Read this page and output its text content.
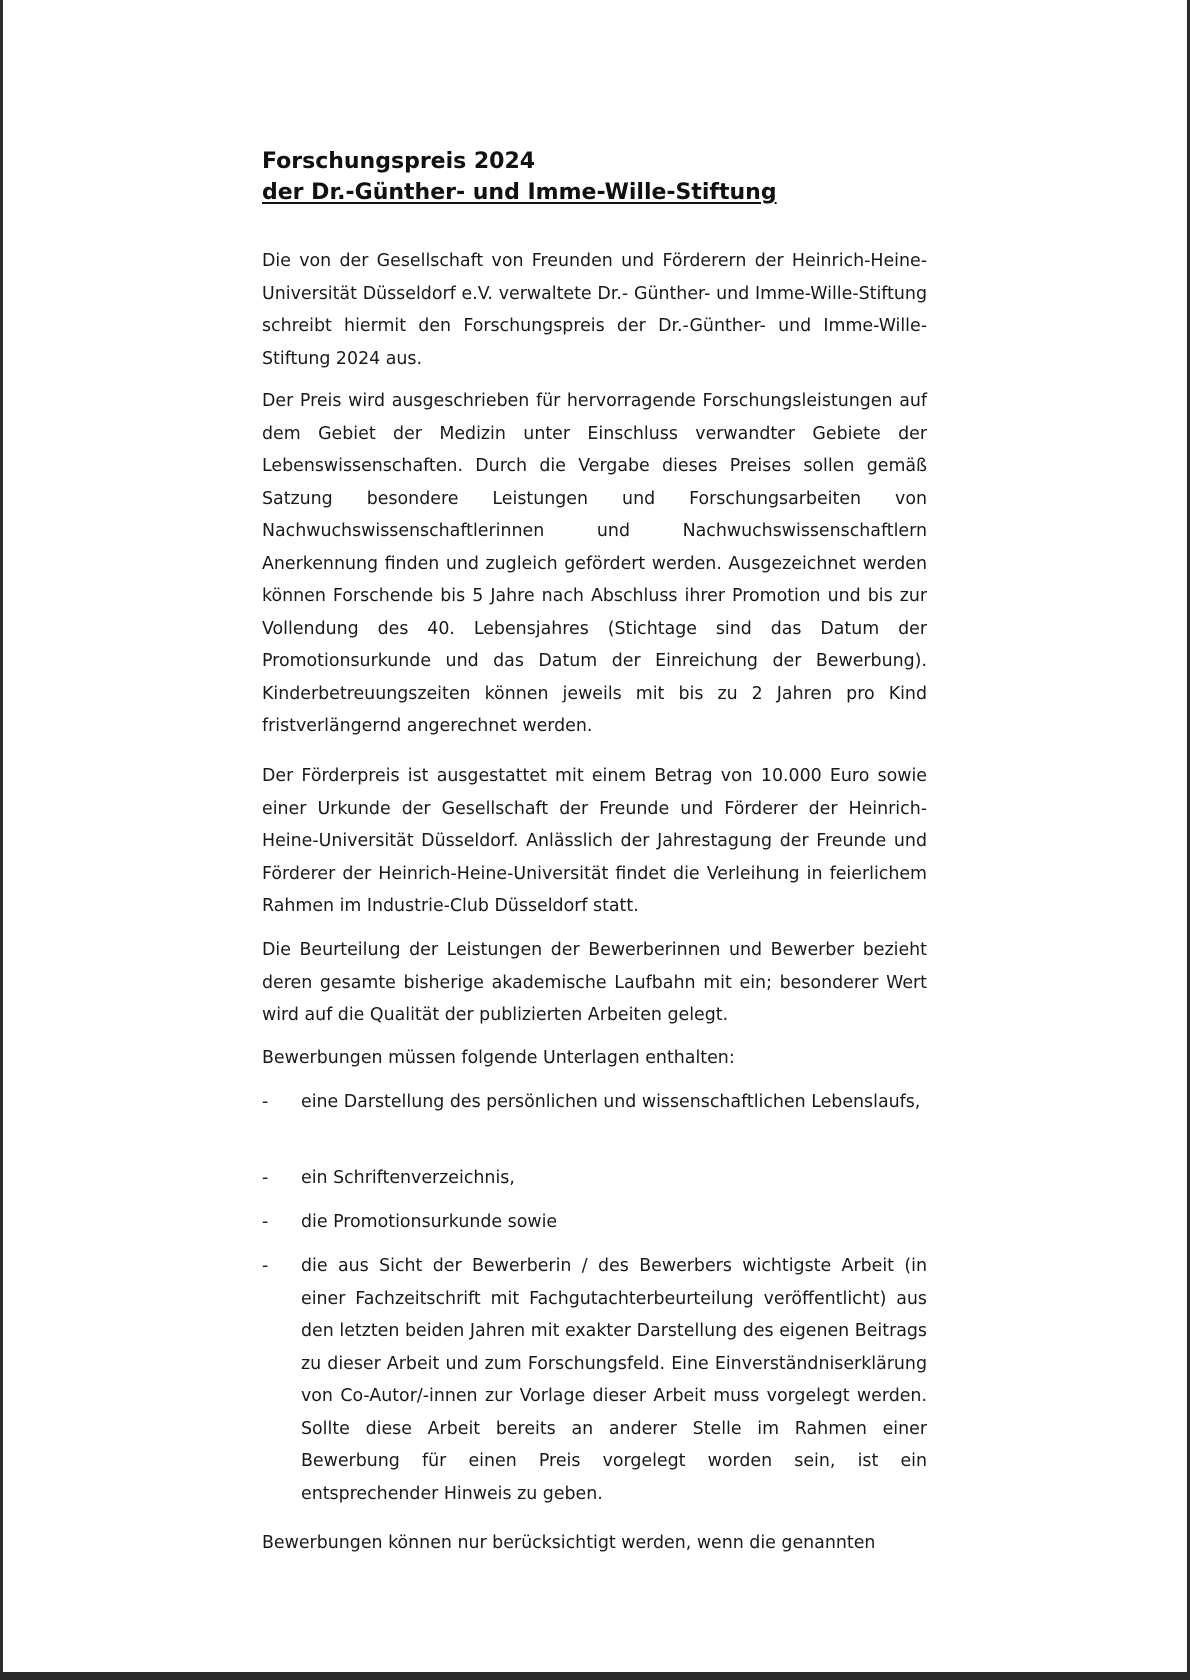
Forschungspreis 2024
der Dr.-Günther- und Imme-Wille-Stiftung

Die von der Gesellschaft von Freunden und Förderern der Heinrich-Heine-Universität Düsseldorf e.V. verwaltete Dr.- Günther- und Imme-Wille-Stiftung schreibt hiermit den Forschungspreis der Dr.-Günther- und Imme-Wille-Stiftung 2024 aus.

Der Preis wird ausgeschrieben für hervorragende Forschungsleistungen auf dem Gebiet der Medizin unter Einschluss verwandter Gebiete der Lebenswissenschaften. Durch die Vergabe dieses Preises sollen gemäß Satzung besondere Leistungen und Forschungsarbeiten von Nachwuchswissenschaftlerinnen und Nachwuchswissenschaftlern Anerkennung finden und zugleich gefördert werden. Ausgezeichnet werden können Forschende bis 5 Jahre nach Abschluss ihrer Promotion und bis zur Vollendung des 40. Lebensjahres (Stichtage sind das Datum der Promotionsurkunde und das Datum der Einreichung der Bewerbung). Kinderbetreuungszeiten können jeweils mit bis zu 2 Jahren pro Kind fristverlängernd angerechnet werden.

Der Förderpreis ist ausgestattet mit einem Betrag von 10.000 Euro sowie einer Urkunde der Gesellschaft der Freunde und Förderer der Heinrich-Heine-Universität Düsseldorf. Anlässlich der Jahrestagung der Freunde und Förderer der Heinrich-Heine-Universität findet die Verleihung in feierlichem Rahmen im Industrie-Club Düsseldorf statt.

Die Beurteilung der Leistungen der Bewerberinnen und Bewerber bezieht deren gesamte bisherige akademische Laufbahn mit ein; besonderer Wert wird auf die Qualität der publizierten Arbeiten gelegt.

Bewerbungen müssen folgende Unterlagen enthalten:

- eine Darstellung des persönlichen und wissenschaftlichen Lebenslaufs,

- ein Schriftenverzeichnis,

- die Promotionsurkunde sowie

- die aus Sicht der Bewerberin / des Bewerbers wichtigste Arbeit (in einer Fachzeitschrift mit Fachgutachterbeurteilung veröffentlicht) aus den letzten beiden Jahren mit exakter Darstellung des eigenen Beitrags zu dieser Arbeit und zum Forschungsfeld. Eine Einverständniserklärung von Co-Autor/-innen zur Vorlage dieser Arbeit muss vorgelegt werden. Sollte diese Arbeit bereits an anderer Stelle im Rahmen einer Bewerbung für einen Preis vorgelegt worden sein, ist ein entsprechender Hinweis zu geben.

Bewerbungen können nur berücksichtigt werden, wenn die genannten
